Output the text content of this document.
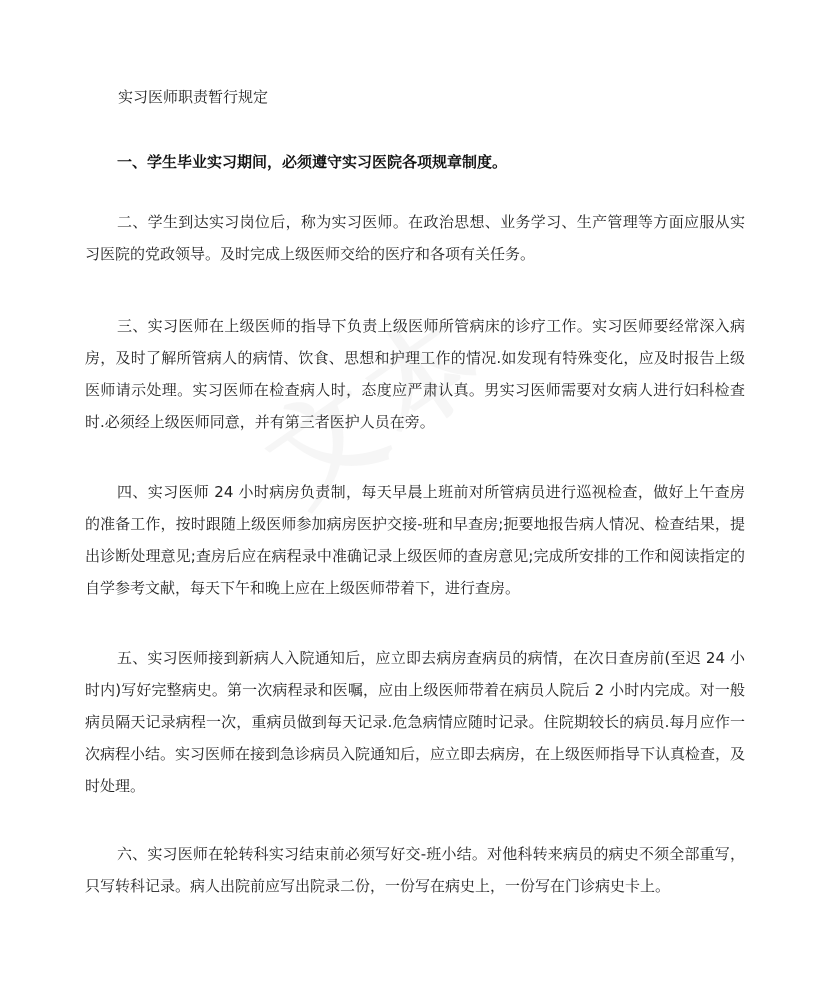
实习医师职责暂行规定

一、学生毕业实习期间，必须遵守实习医院各项规章制度。

二、学生到达实习岗位后，称为实习医师。在政治思想、业务学习、生产管理等方面应服从实习医院的党政领导。及时完成上级医师交给的医疗和各项有关任务。

三、实习医师在上级医师的指导下负责上级医师所管病床的诊疗工作。实习医师要经常深入病房，及时了解所管病人的病情、饮食、思想和护理工作的情况.如发现有特殊变化，应及时报告上级医师请示处理。实习医师在检查病人时，态度应严肃认真。男实习医师需要对女病人进行妇科检查时.必须经上级医师同意，并有第三者医护人员在旁。

四、实习医师 24 小时病房负责制，每天早晨上班前对所管病员进行巡视检查，做好上午查房的准备工作，按时跟随上级医师参加病房医护交接-班和早查房;扼要地报告病人情况、检查结果，提出诊断处理意见;查房后应在病程录中准确记录上级医师的查房意见;完成所安排的工作和阅读指定的自学参考文献，每天下午和晚上应在上级医师带着下，进行查房。

五、实习医师接到新病人入院通知后，应立即去病房查病员的病情，在次日查房前(至迟 24 小时内)写好完整病史。第一次病程录和医嘱，应由上级医师带着在病员人院后 2 小时内完成。对一般病员隔天记录病程一次，重病员做到每天记录.危急病情应随时记录。住院期较长的病员.每月应作一次病程小结。实习医师在接到急诊病员入院通知后，应立即去病房，在上级医师指导下认真检查，及时处理。

六、实习医师在轮转科实习结束前必须写好交-班小结。对他科转来病员的病史不须全部重写，只写转科记录。病人出院前应写出院录二份，一份写在病史上，一份写在门诊病史卡上。
